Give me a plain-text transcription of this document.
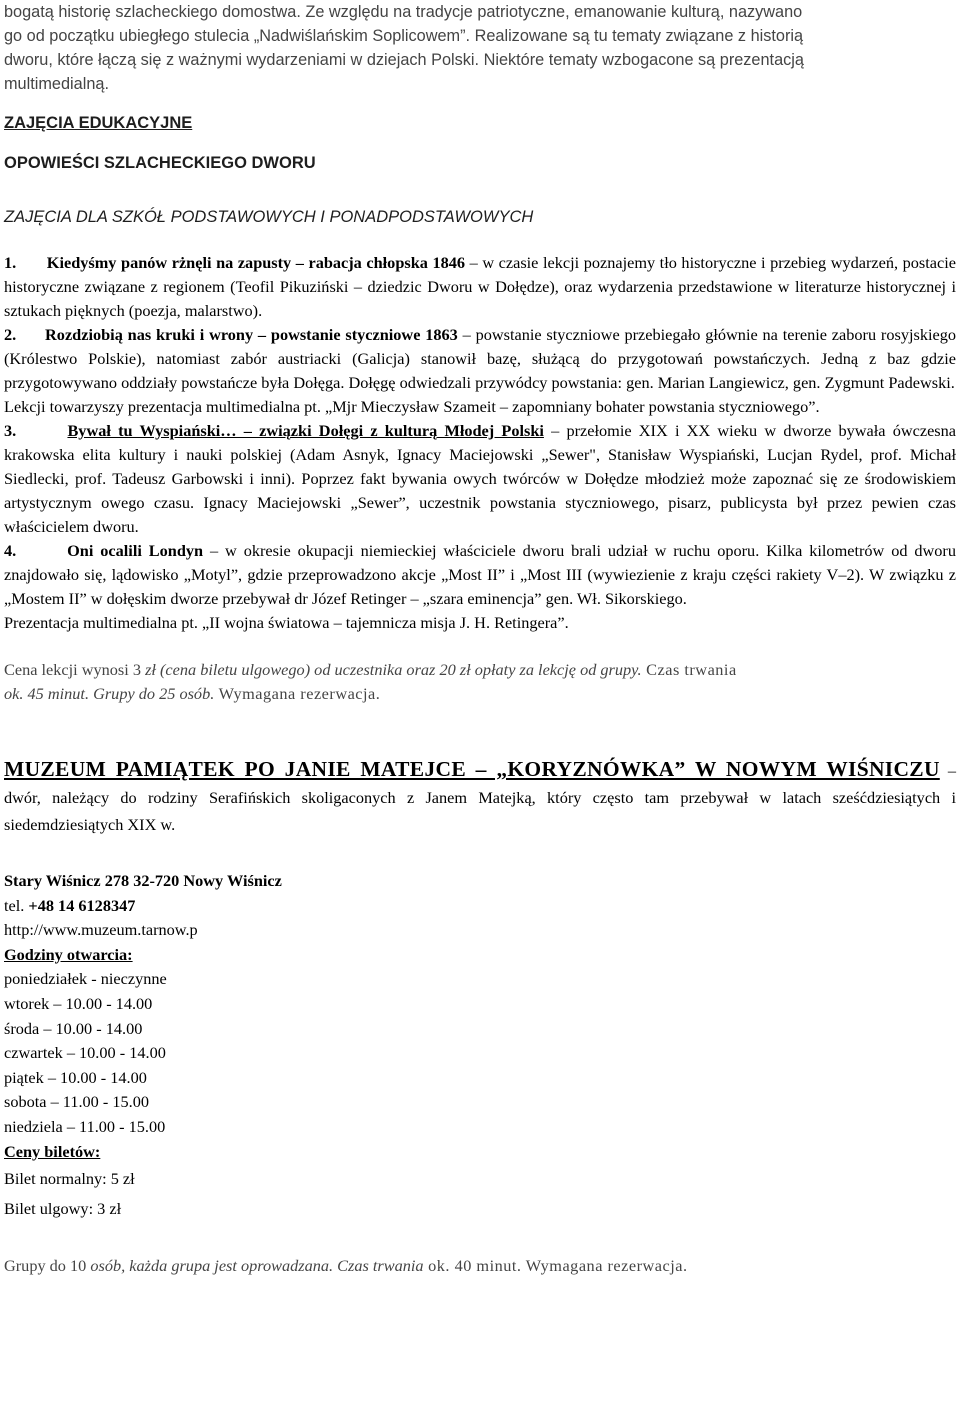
bogatą historię szlacheckiego domostwa. Ze względu na tradycje patriotyczne, emanowanie kulturą, nazywano

go od początku ubiegłego stulecia „Nadwiślańskim Soplicowem”. Realizowane są tu tematy związane z historią

dworu, które łączą się z ważnymi wydarzeniami w dziejach Polski. Niektóre tematy wzbogacone są prezentacją

multimedialną.

ZAJĘCIA EDUKACYJNE

OPOWIEŚCI SZLACHECKIEGO DWORU

ZAJĘCIA DLA SZKÓŁ PODSTAWOWYCH I PONADPODSTAWOWYCH

1. Kiedyśmy panów rżnęli na zapusty – rabacja chłopska 1846 – w czasie lekcji poznajemy tło historyczne i przebieg wydarzeń, postacie historyczne związane z regionem (Teofil Pikuziński – dziedzic Dworu w Dołędze), oraz wydarzenia przedstawione w literaturze historycznej i sztukach pięknych (poezja, malarstwo).

2. Rozdziobią nas kruki i wrony – powstanie styczniowe 1863 – powstanie styczniowe przebiegało głównie na terenie zaboru rosyjskiego (Królestwo Polskie), natomiast zabór austriacki (Galicja) stanowił bazę, służącą do przygotowań powstańczych. Jedną z baz gdzie przygotowywano oddziały powstańcze była Dołęga. Dołęgę odwiedzali przywódcy powstania: gen. Marian Langiewicz, gen. Zygmunt Padewski.

Lekcji towarzyszy prezentacja multimedialna pt. „Mjr Mieczysław Szameit – zapomniany bohater powstania styczniowego”.

3.	Bywał tu Wyspiański… – związki Dołęgi z kulturą Młodej Polski – przełomie XIX i XX wieku w dworze bywała ówczesna krakowska elita kultury i nauki polskiej (Adam Asnyk, Ignacy Maciejowski „Sewer", Stanisław Wyspiański, Lucjan Rydel, prof. Michał Siedlecki, prof. Tadeusz Garbowski i inni). Poprzez fakt bywania owych twórców w Dołędze młodzież może zapoznać się ze środowiskiem artystycznym owego czasu. Ignacy Maciejowski „Sewer”, uczestnik powstania styczniowego, pisarz, publicysta był przez pewien czas właścicielem dworu.

4.	Oni ocalili Londyn – w okresie okupacji niemieckiej właściciele dworu brali udział w ruchu oporu. Kilka kilometrów od dworu znajdowało się, lądowisko „Motyl”, gdzie przeprowadzono akcje „Most II” i „Most III (wywiezienie z kraju części rakiety V–2). W związku z „Mostem II” w dołęskim dworze przebywał dr Józef Retinger – „szara eminencja” gen. Wł. Sikorskiego.

Prezentacja multimedialna pt. „II wojna światowa – tajemnicza misja J. H. Retingera”.

Cena lekcji wynosi 3 zł (cena biletu ulgowego) od uczestnika oraz 20 zł opłaty za lekcję od grupy. Czas trwania
ok. 45 minut. Grupy do 25 osób. Wymagana rezerwacja.

MUZEUM PAMIĄTEK PO JANIE MATEJCE – „KORYZNÓWKA” W NOWYM WIŚNICZU – dwór, należący do rodziny Serafińskich skoligaconych z Janem Matejką, który często tam przebywał w latach sześćdziesiątych i siedemdziesiątych XIX w.

Stary Wiśnicz 278 32-720 Nowy Wiśnicz

tel. +48 14 6128347

http://www.muzeum.tarnow.p

Godziny otwarcia:

poniedziałek - nieczynne

wtorek – 10.00 - 14.00

środa – 10.00 - 14.00

czwartek – 10.00 - 14.00

piątek – 10.00 - 14.00

sobota – 11.00 - 15.00

niedziela – 11.00 - 15.00

Ceny biletów:

Bilet normalny: 5 zł

Bilet ulgowy: 3 zł

Grupy do 10 osób, każda grupa jest oprowadzana. Czas trwania ok. 40 minut. Wymagana rezerwacja.
